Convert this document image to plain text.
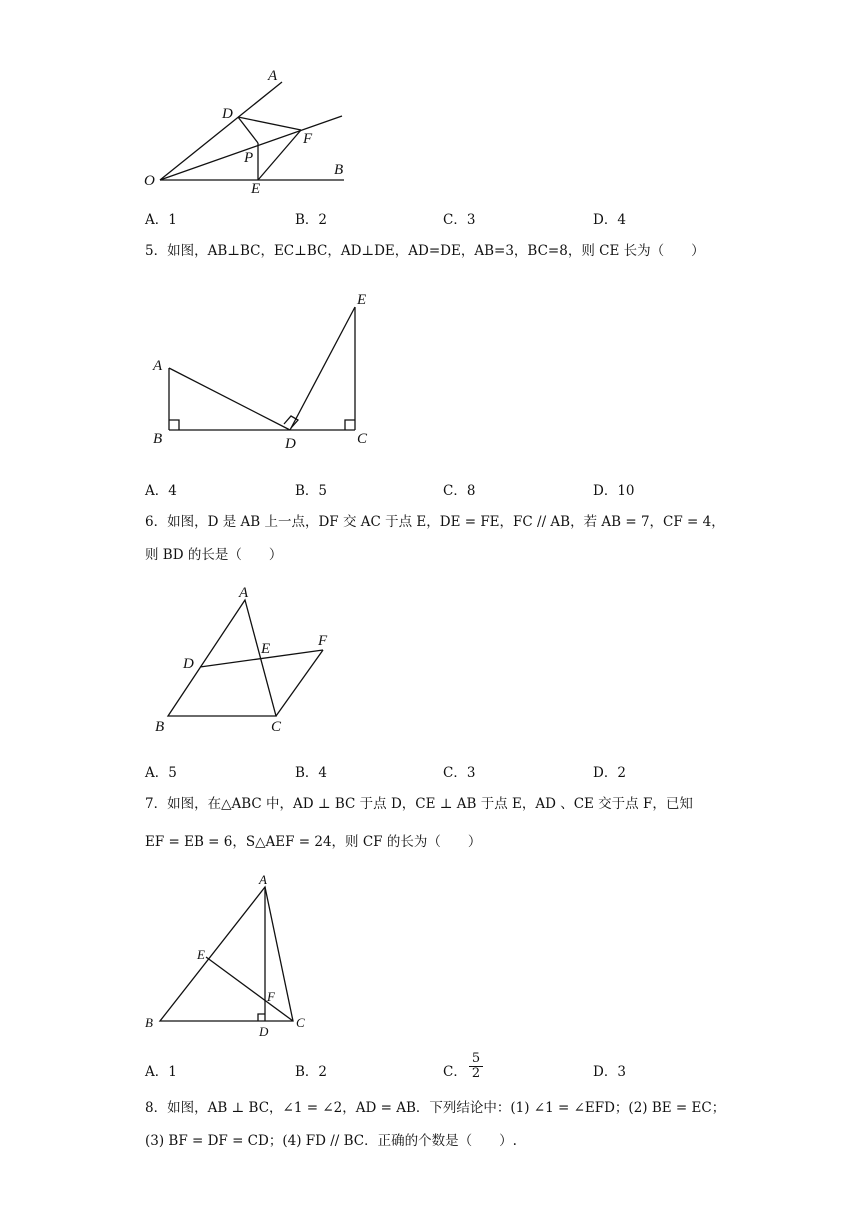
A
D
F
P
O	E
B
A．1	B．2	C．3	D．4
5．如图，AB⊥BC，EC⊥BC，AD⊥DE，AD=DE，AB=3，BC=8，则 CE 长为（　　）
E
A
B	D	C
A．4	B．5	C．8	D．10
6．如图，D 是 AB 上一点，DF 交 AC 于点 E，DE = FE，FC // AB，若 AB = 7，CF = 4，
则 BD 的长是（　　）
A
F
D
E
B	C
A．5	B．4	C．3	D．2
7．如图，在△ABC 中，AD ⊥ BC 于点 D，CE ⊥ AB 于点 E，AD 、CE 交于点 F，已知
EF = EB = 6，S△AEF = 24，则 CF 的长为（　　）
A
E
F
B
D
C
A．1	B．2	C． $\frac{5}{2}$	D．3
8．如图，AB ⊥ BC，∠1 = ∠2，AD = AB．下列结论中：(1) ∠1 = ∠EFD；(2) BE = EC；
(3) BF = DF = CD；(4) FD // BC．正确的个数是（　　）.
